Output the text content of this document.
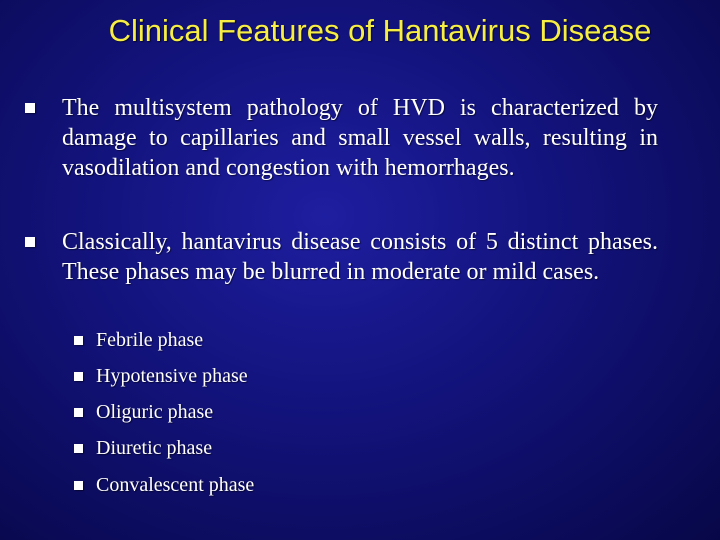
Clinical Features of Hantavirus Disease
The multisystem pathology of HVD is characterized by damage to capillaries and small vessel walls, resulting in vasodilation and congestion with hemorrhages.
Classically, hantavirus disease consists of 5 distinct phases. These phases may be blurred in moderate or mild cases.
Febrile phase
Hypotensive phase
Oliguric phase
Diuretic phase
Convalescent phase
